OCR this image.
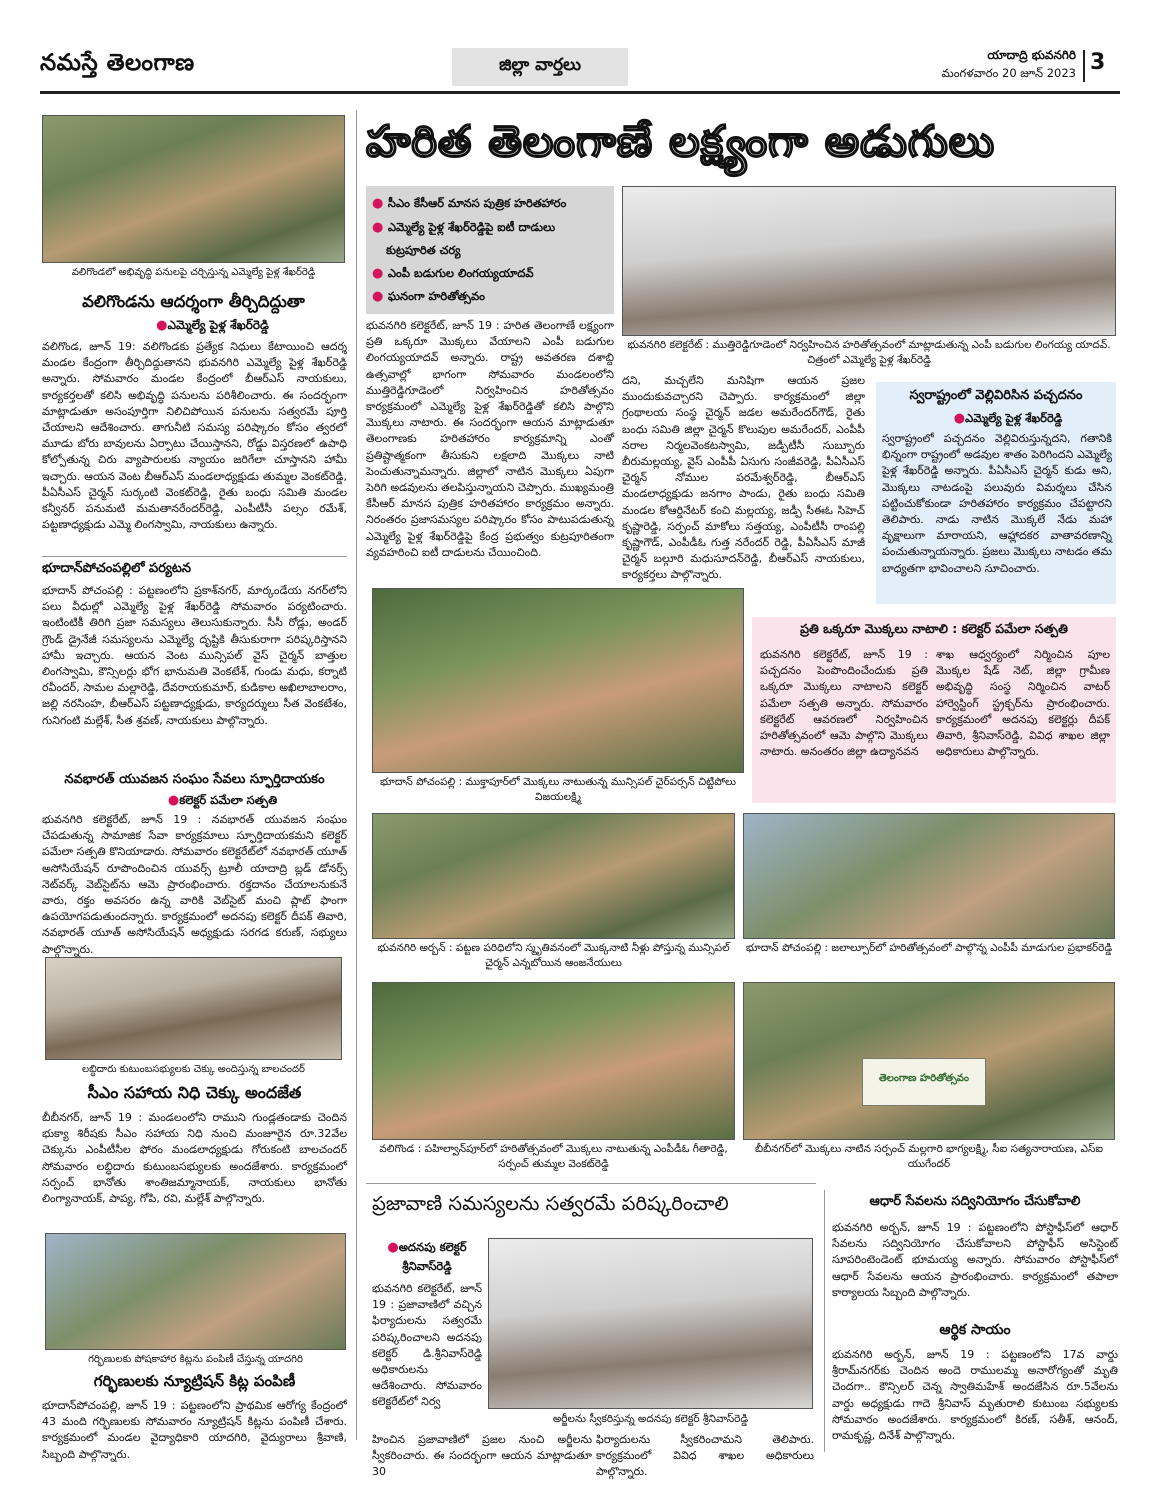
నమస్తే తెలంగాణ	జిల్లా వార్తలు	యాదాద్రి భువనగిరి
మంగళవారం 20 జూన్ 2023 3
వలిగొండలో అభివృద్ధి పనులపై చర్చిస్తున్న ఎమ్మెల్యే పైళ్ల శేఖర్‌రెడ్డి
వలిగొండను ఆదర్శంగా తీర్చిదిద్దుతా
●ఎమ్మెల్యే పైళ్ల శేఖర్‌రెడ్డి
వలిగొండ, జూన్ 19: వలిగొండకు ప్రత్యేక నిధులు కేటాయించి ఆదర్శ మండల కేంద్రంగా తీర్చిదిద్దుతానని భువనగిరి ఎమ్మెల్యే పైళ్ల శేఖర్‌రెడ్డి అన్నారు. సోమవారం మండల కేంద్రంలో బీఆర్‌ఎస్ నాయకులు, కార్యకర్తలతో కలిసి అభివృద్ధి పనులను పరిశీలించారు. ఈ సందర్భంగా మాట్లాడుతూ అసంపూర్తిగా నిలిచిపోయిన పనులను సత్వరమే పూర్తి చేయాలని ఆదేశించారు. తాగునీటి సమస్య పరిష్కారం కోసం త్వరలో మూడు బోరు బావులను ఏర్పాటు చేయిస్తానని, రోడ్డు విస్తరణలో ఉపాధి కోల్పోతున్న చిరు వ్యాపారులకు న్యాయం జరిగేలా చూస్తానని హామీ ఇచ్చారు. ఆయన వెంట బీఆర్‌ఎస్ మండలాధ్యక్షుడు తుమ్మల వెంకట్‌రెడ్డి, పీఏసీఎస్ చైర్మన్ సుర్కంటి వెంకట్‌రెడ్డి, రైతు బంధు సమితి మండల కన్వీనర్ పనుమటి మమతానరేందర్‌రెడ్డి, ఎంపీటీసీ పల్సం రమేశ్, పట్టణాధ్యక్షుడు ఎమ్మె లింగస్వామి, నాయకులు ఉన్నారు.
భూదాన్‌పోచంపల్లిలో పర్యటన
భూదాన్ పోచంపల్లి : పట్టణంలోని ప్రకాశ్‌నగర్, మార్కండేయ నగర్‌లోని పలు వీధుల్లో ఎమ్మెల్యే పైళ్ల శేఖర్‌రెడ్డి సోమవారం పర్యటించారు. ఇంటింటికీ తిరిగి ప్రజా సమస్యలు తెలుసుకున్నారు. సీసీ రోడ్లు, అండర్ గ్రౌండ్ డ్రైనేజీ సమస్యలను ఎమ్మెల్యే దృష్టికి తీసుకురాగా పరిష్కరిస్తానని హామీ ఇచ్చారు. ఆయన వెంట మున్సిపల్ వైస్ చైర్మన్ బాత్తుల లింగస్వామి, కౌన్సిలర్లు భోగ భానుమతి వెంకటేశ్, గుండు మధు, కర్నాటి రవీందర్, సామల మల్లారెడ్డి, దేవరాయకుమార్, కుడికాల అఖిలాబాలరాం, జల్లి నరసింహ, బీఆర్‌ఎస్ పట్టణాధ్యక్షుడు, కార్యదర్శులు సీత వెంకటేశం, గునిగంటి మల్లేశ్, సీత శ్రవణ్, నాయకులు పాల్గొన్నారు.
నవభారత్ యువజన సంఘం సేవలు స్ఫూర్తిదాయకం
●కలెక్టర్ పమేలా సత్పతి
భువనగిరి కలెక్టరేట్, జూన్ 19 : నవభారత్ యువజన సంఘం చేపడుతున్న సామాజిక సేవా కార్యక్రమాలు స్ఫూర్తిదాయకమని కలెక్టర్ పమేలా సత్పతి కొనియాడారు. సోమవారం కలెక్టరేట్‌లో నవభారత్ యూత్ అసోసియేషన్ రూపొందించిన యువర్స్ ట్రూలీ యాదాద్రి బ్లడ్ డోనర్స్ నెట్‌వర్క్ వెబ్‌సైట్‌ను ఆమె ప్రారంభించారు. రక్తదానం చేయాలనుకునే వారు, రక్తం అవసరం ఉన్న వారికి వెబ్‌సైట్ మంచి ప్లాట్ ఫాంగా ఉపయోగపడుతుందన్నారు. కార్యక్రమంలో అదనపు కలెక్టర్ దీపక్ తివారి, నవభారత్ యూత్ అసోసియేషన్ అధ్యక్షుడు సరగడ కరుణ్, సభ్యులు పాల్గొన్నారు.
లబ్ధిదారు కుటుంబసభ్యులకు చెక్కు అందిస్తున్న బాలచందర్
సీఎం సహాయ నిధి చెక్కు అందజేత
బీబీనగర్, జూన్ 19 : మండలంలోని రాముని గుండ్లతండాకు చెందిన భుక్యా శిరీషకు సీఎం సహాయ నిధి నుంచి మంజూరైన రూ.32వేల చెక్కును ఎంపీటీసీల ఫోరం మండలాధ్యక్షుడు గోరుకంటి బాలచందర్ సోమవారం లబ్ధిదారు కుటుంబసభ్యులకు అందజేశారు. కార్యక్రమంలో సర్పంచ్ భానోతు శాంతిజమ్మానాయక్, నాయకులు భానోతు లింగ్యానాయక్, పాప్య, గోపి, రవి, మల్లేశ్ పాల్గొన్నారు.
గర్భిణులకు పోషకాహార కిట్లను పంపిణీ చేస్తున్న యాదగిరి
గర్భిణులకు న్యూట్రిషన్ కిట్ల పంపిణీ
భూదాన్‌పోచంపల్లి, జూన్ 19 : పట్టణంలోని ప్రాథమిక ఆరోగ్య కేంద్రంలో 43 మంది గర్భిణులకు సోమవారం న్యూట్రిషన్ కిట్లను పంపిణీ చేశారు. కార్యక్రమంలో మండల వైద్యాధికారి యాదగిరి, వైద్యురాలు శ్రీవాణి, సిబ్బంది పాల్గొన్నారు.
హరిత తెలంగాణే లక్ష్యంగా అడుగులు
● సీఎం కేసీఆర్ మానస పుత్రిక హరితహారం
● ఎమ్మెల్యే పైళ్ల శేఖర్‌రెడ్డిపై ఐటీ దాడులు
కుట్రపూరిత చర్య
● ఎంపీ బడుగుల లింగయ్యయాదవ్
● ఘనంగా హరితోత్సవం
భువనగిరి కలెక్టరేట్ : ముత్తిరెడ్డిగూడెంలో నిర్వహించిన హరితోత్సవంలో మాట్లాడుతున్న ఎంపీ బడుగుల లింగయ్య యాదవ్. చిత్రంలో ఎమ్మెల్యే పైళ్ల శేఖర్‌రెడ్డి
భువనగిరి కలెక్టరేట్, జూన్ 19 : హరిత తెలంగాణే లక్ష్యంగా ప్రతి ఒక్కరూ మొక్కలు వేయాలని ఎంపీ బడుగుల లింగయ్యయాదవ్ అన్నారు. రాష్ట్ర అవతరణ దశాబ్ది ఉత్సవాల్లో భాగంగా సోమవారం మండలంలోని ముత్తిరెడ్డిగూడెంలో నిర్వహించిన హరితోత్సవం కార్యక్రమంలో ఎమ్మెల్యే పైళ్ల శేఖర్‌రెడ్డితో కలిసి పాల్గొని మొక్కలు నాటారు. ఈ సందర్భంగా ఆయన మాట్లాడుతూ తెలంగాణకు హరితహారం కార్యక్రమాన్ని ఎంతో ప్రతిష్టాత్మకంగా తీసుకుని లక్షలాది మొక్కలు నాటి పెంచుతున్నామన్నారు. జిల్లాలో నాటిన మొక్కలు ఏపుగా పెరిగి అడవులను తలపిస్తున్నాయని చెప్పారు. ముఖ్యమంత్రి కేసీఆర్ మానస పుత్రిక హరితహారం కార్యక్రమం అన్నారు. నిరంతరం ప్రజాసమస్యల పరిష్కారం కోసం పాటుపడుతున్న ఎమ్మెల్యే పైళ్ల శేఖర్‌రెడ్డిపై కేంద్ర ప్రభుత్వం కుట్రపూరితంగా వ్యవహరించి ఐటీ దాడులను చేయించింది.
దని, మచ్చలేని మనిషిగా ఆయన ప్రజల ముందుకువచ్చారని చెప్పారు. కార్యక్రమంలో జిల్లా గ్రంథాలయ సంస్థ చైర్మన్ జడల అమరేందర్‌గౌడ్, రైతు బంధు సమితి జిల్లా చైర్మన్ కొలుపుల అమరేందర్, ఎంపీపీ నరాల నిర్మలవెంకటస్వామి, జడ్పీటీసీ సుబ్బూరు బీరుమల్లయ్య, వైస్ ఎంపీపీ ఏసుగు సంజీవరెడ్డి, పీఏసీఎస్ చైర్మన్ నోముల పరమేశ్వర్‌రెడ్డి, బీఆర్‌ఎస్ మండలాధ్యక్షుడు జనగాం పాండు, రైతు బంధు సమితి మండల కోఆర్డినేటర్ కంచి మల్లయ్య, జడ్పీ సీఈఓ సిహెచ్ కృష్ణారెడ్డి, సర్పంచ్ మాకోలు సత్తయ్య, ఎంపీటీసీ రాంపల్లి కృష్ణాగౌడ్, ఎంపీడీఓ గుత్త నరేందర్ రెడ్డి, పీఏసీఎస్ మాజీ చైర్మన్ బల్గూరి మధుసూదన్‌రెడ్డి, బీఆర్‌ఎస్ నాయకులు, కార్యకర్తలు పాల్గొన్నారు.
స్వరాష్ట్రంలో వెల్లివిరిసిన పచ్చదనం
●ఎమ్మెల్యే పైళ్ల శేఖర్‌రెడ్డి
స్వరాష్ట్రంలో పచ్చదనం వెల్లివిరుస్తున్నదని, గతానికి భిన్నంగా రాష్ట్రంలో అడవుల శాతం పెరిగిందని ఎమ్మెల్యే పైళ్ల శేఖర్‌రెడ్డి అన్నారు. పీఏసీఎస్ చైర్మన్ కుడు అని, మొక్కలు నాటడంపై పలువురు విమర్శలు చేసిన పట్టించుకోకుండా హరితహారం కార్యక్రమం చేపట్టారని తెలిపారు. నాడు నాటిన మొక్కలే నేడు మహా వృక్షాలుగా మారాయని, ఆహ్లాదకర వాతావరణాన్ని పంచుతున్నాయన్నారు. ప్రజలు మొక్కలు నాటడం తమ బాధ్యతగా భావించాలని సూచించారు.
భూదాన్ పోచంపల్లి : ముక్తాపూర్‌లో మొక్కలు నాటుతున్న మున్సిపల్ చైర్‌పర్సన్ చిట్టిపోలు విజయలక్ష్మి
ప్రతి ఒక్కరూ మొక్కలు నాటాలి : కలెక్టర్ పమేలా సత్పతి
భువనగిరి కలెక్టరేట్, జూన్ 19 : పచ్చదనం పెంపొందించేందుకు ప్రతి ఒక్కరూ మొక్కలు నాటాలని కలెక్టర్ పమేలా సత్పతి అన్నారు. సోమవారం కలెక్టరేట్ ఆవరణలో నిర్వహించిన హరితోత్సవంలో ఆమె పాల్గొని మొక్కలు నాటారు. అనంతరం జిల్లా ఉద్యానవన
శాఖ ఆధ్వర్యంలో నిర్మించిన పూల మొక్కల షేడ్ నెట్, జిల్లా గ్రామీణ అభివృద్ధి సంస్థ నిర్మించిన వాటర్ హార్వెస్టింగ్ స్ట్రక్చర్‌ను ప్రారంభించారు. కార్యక్రమంలో అదనపు కలెక్టర్లు దీపక్ తివారి, శ్రీనివాస్‌రెడ్డి, వివిధ శాఖల జిల్లా అధికారులు పాల్గొన్నారు.
భువనగిరి అర్బన్ : పట్టణ పరిధిలోని స్మృతివనంలో మొక్కనాటి నీళ్లు పోస్తున్న మున్సిపల్ చైర్మన్ ఎన్నబోయిన ఆంజనేయులు
భూదాన్ పోచంపల్లి : జలాల్పూర్‌లో హరితోత్సవంలో పాల్గొన్న ఎంపీపీ మాడుగుల ప్రభాకర్‌రెడ్డి
వలిగొండ : పహిల్వాన్‌పూర్‌లో హరితోత్సవంలో మొక్కలు నాటుతున్న ఎంపీడీఓ గీతారెడ్డి, సర్పంచ్ తుమ్మల వెంకట్‌రెడ్డి
తెలంగాణ హరితోత్సవం
బీబీనగర్‌లో మొక్కలు నాటిన సర్పంచ్ మల్లగారి భాగ్యలక్ష్మి, సీఐ సత్యనారాయణ, ఎస్‌ఐ యుగేందర్
ప్రజావాణి సమస్యలను సత్వరమే పరిష్కరించాలి
●అదనపు కలెక్టర్
శ్రీనివాస్‌రెడ్డి
భువనగిరి కలెక్టరేట్, జూన్ 19 : ప్రజావాణిలో వచ్చిన ఫిర్యాదులను సత్వరమే పరిష్కరించాలని అదనపు కలెక్టర్ డి.శ్రీనివాస్‌రెడ్డి అధికారులను ఆదేశించారు. సోమవారం కలెక్టరేట్‌లో నిర్వ
అర్జీలను స్వీకరిస్తున్న అదనపు కలెక్టర్ శ్రీనివాస్‌రెడ్డి
హించిన ప్రజావాణిలో ప్రజల నుంచి అర్జీలను స్వీకరించారు. ఈ సందర్భంగా ఆయన మాట్లాడుతూ 30
ఫిర్యాదులను స్వీకరించామని తెలిపారు. కార్యక్రమంలో వివిధ శాఖల అధికారులు పాల్గొన్నారు.
ఆధార్ సేవలను సద్వినియోగం చేసుకోవాలి
భువనగిరి అర్బన్, జూన్ 19 : పట్టణంలోని పోస్టాఫీస్‌లో ఆధార్ సేవలను సద్వినియోగం చేసుకోవాలని పోస్టాఫీస్ అసిస్టెంట్ సూపరింటెండెంట్ భూమయ్య అన్నారు. సోమవారం పోస్టాఫీస్‌లో ఆధార్ సేవలను ఆయన ప్రారంభించారు. కార్యక్రమంలో తపాలా కార్యాలయ సిబ్బంది పాల్గొన్నారు.
ఆర్థిక సాయం
భువనగిరి అర్బన్, జూన్ 19 : పట్టణంలోని 17వ వార్డు శ్రీరామ్‌నగర్‌కు చెందిన అందె రాములమ్మ అనారోగ్యంతో మృతి చెందగా.. కౌన్సిలర్ చెన్న స్వాతిమహేశ్ అందజేసిన రూ.5వేలను వార్డు అధ్యక్షుడు గాదె శ్రీనివాస్ మృతురాలి కుటుంబ సభ్యులకు సోమవారం అందజేశారు. కార్యక్రమంలో కిరణ్, సతీశ్, ఆనంద్, రామకృష్ణ, దినేశ్ పాల్గొన్నారు.
